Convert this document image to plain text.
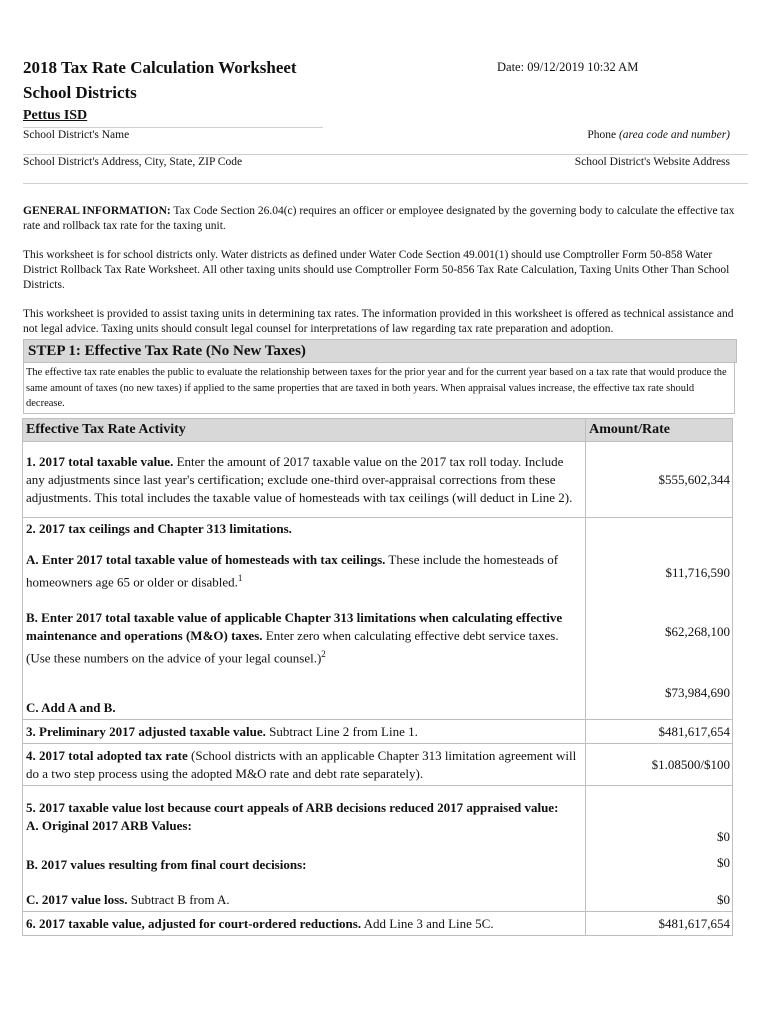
2018 Tax Rate Calculation Worksheet
School Districts
Date: 09/12/2019 10:32 AM
Pettus ISD
School District's Name	Phone (area code and number)
School District's Address, City, State, ZIP Code	School District's Website Address
GENERAL INFORMATION: Tax Code Section 26.04(c) requires an officer or employee designated by the governing body to calculate the effective tax rate and rollback tax rate for the taxing unit.
This worksheet is for school districts only. Water districts as defined under Water Code Section 49.001(1) should use Comptroller Form 50-858 Water District Rollback Tax Rate Worksheet. All other taxing units should use Comptroller Form 50-856 Tax Rate Calculation, Taxing Units Other Than School Districts.
This worksheet is provided to assist taxing units in determining tax rates. The information provided in this worksheet is offered as technical assistance and not legal advice. Taxing units should consult legal counsel for interpretations of law regarding tax rate preparation and adoption.
STEP 1: Effective Tax Rate (No New Taxes)
The effective tax rate enables the public to evaluate the relationship between taxes for the prior year and for the current year based on a tax rate that would produce the same amount of taxes (no new taxes) if applied to the same properties that are taxed in both years. When appraisal values increase, the effective tax rate should decrease.
Effective Tax Rate Activity	Amount/Rate
1. 2017 total taxable value. Enter the amount of 2017 taxable value on the 2017 tax roll today. Include any adjustments since last year's certification; exclude one-third over-appraisal corrections from these adjustments. This total includes the taxable value of homesteads with tax ceilings (will deduct in Line 2).	$555,602,344
2. 2017 tax ceilings and Chapter 313 limitations.	
A. Enter 2017 total taxable value of homesteads with tax ceilings. These include the homesteads of homeowners age 65 or older or disabled.$^1$	$11,716,590
B. Enter 2017 total taxable value of applicable Chapter 313 limitations when calculating effective maintenance and operations (M&O) taxes. Enter zero when calculating effective debt service taxes. (Use these numbers on the advice of your legal counsel.)$^2$	$62,268,100
C. Add A and B.	$73,984,690
3. Preliminary 2017 adjusted taxable value. Subtract Line 2 from Line 1.	$481,617,654
4. 2017 total adopted tax rate (School districts with an applicable Chapter 313 limitation agreement will do a two step process using the adopted M&O rate and debt rate separately).	$1.08500/$100
5. 2017 taxable value lost because court appeals of ARB decisions reduced 2017 appraised value:
A. Original 2017 ARB Values:	$0
B. 2017 values resulting from final court decisions:	$0
C. 2017 value loss. Subtract B from A.	$0
6. 2017 taxable value, adjusted for court-ordered reductions. Add Line 3 and Line 5C.	$481,617,654
